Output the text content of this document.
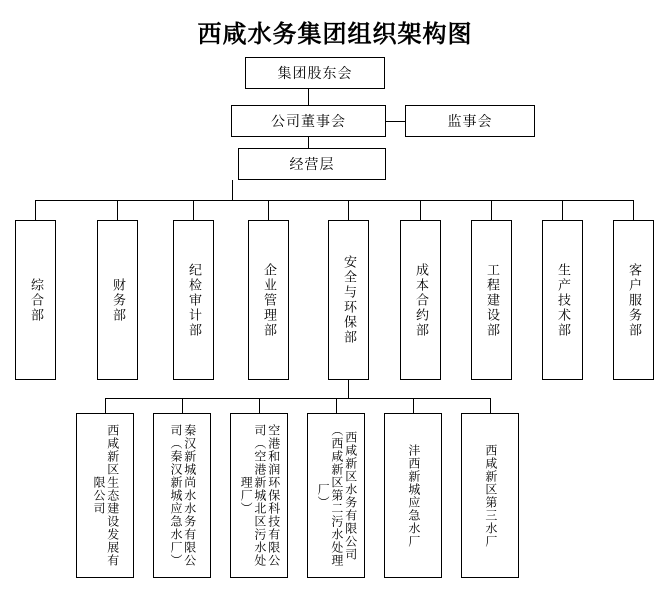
西咸水务集团组织架构图
集团股东会
公司董事会	监事会
经营层
综合部	财务部	纪检审计部	企业管理部	安全与环保部	成本合约部	工程建设部	生产技术部	客户服务部
西咸新区生态建设发展有限公司	秦汉新城尚水水务有限公司（秦汉新城应急水厂）	空港和润环保科技有限公司（空港新城北区污水处理厂）	西咸新区水务有限公司（西咸新区第二污水处理厂）	沣西新城应急水厂	西咸新区第三水厂
